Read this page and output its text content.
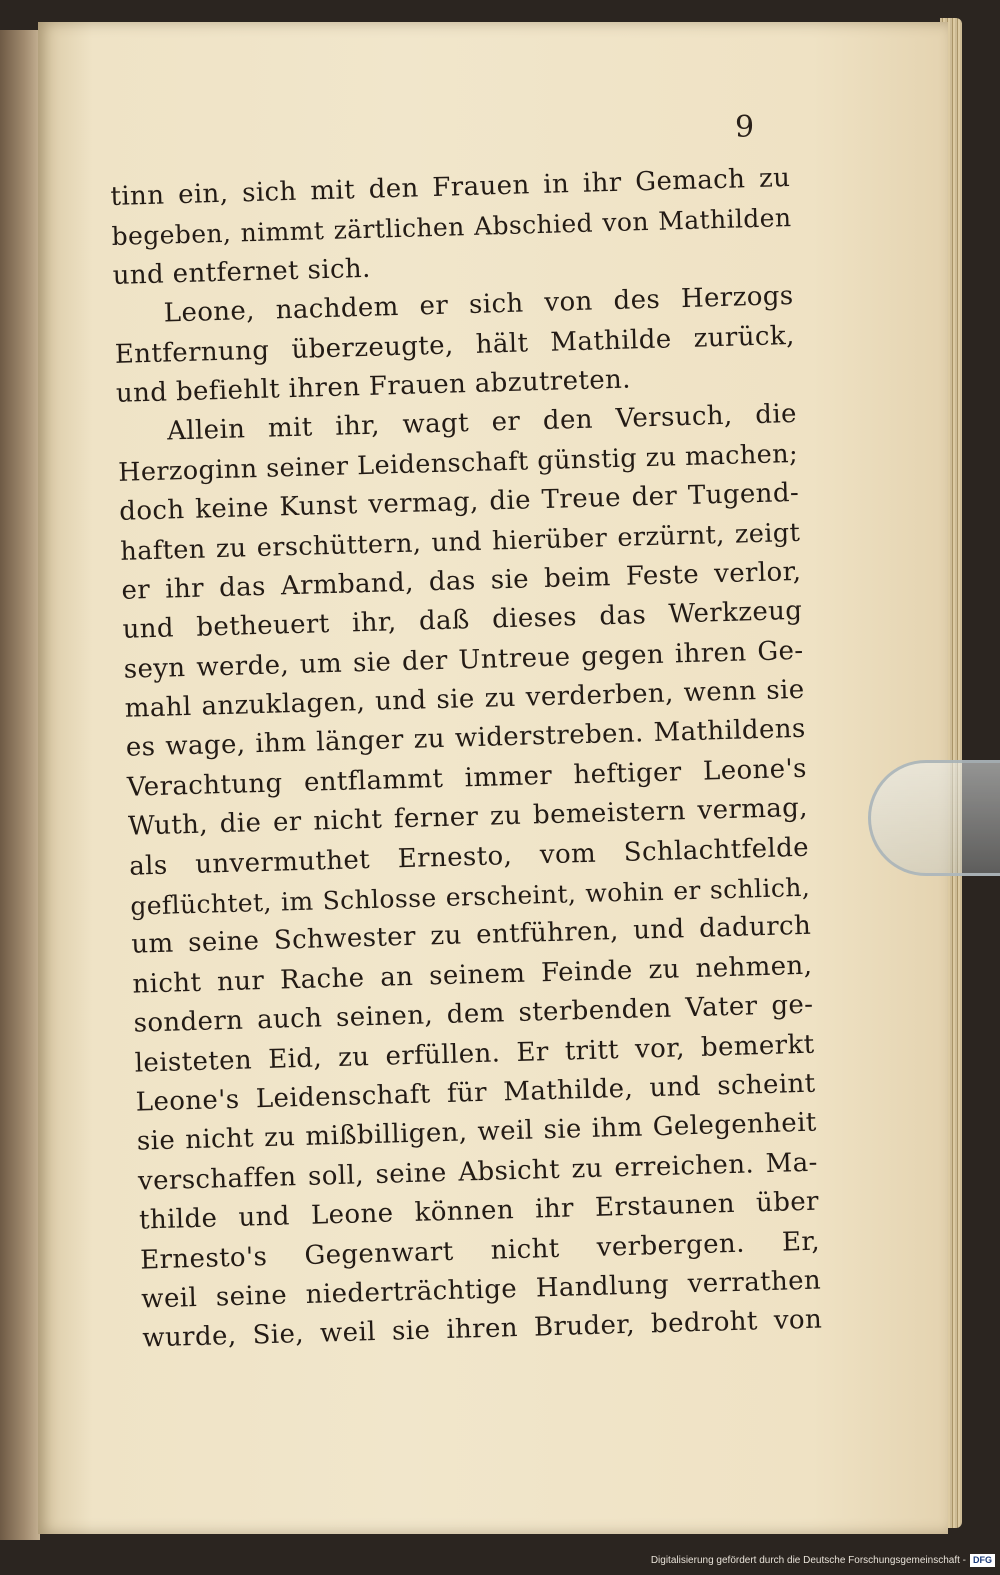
9
tinn ein, sich mit den Frauen in ihr Gemach zu
begeben, nimmt zärtlichen Abschied von Mathilden
und entfernet sich.
Leone, nachdem er sich von des Herzogs
Entfernung überzeugte, hält Mathilde zurück,
und befiehlt ihren Frauen abzutreten.
Allein mit ihr, wagt er den Versuch, die
Herzoginn seiner Leidenschaft günstig zu machen;
doch keine Kunst vermag, die Treue der Tugend-
haften zu erschüttern, und hierüber erzürnt, zeigt
er ihr das Armband, das sie beim Feste verlor,
und betheuert ihr, daß dieses das Werkzeug
seyn werde, um sie der Untreue gegen ihren Ge-
mahl anzuklagen, und sie zu verderben, wenn sie
es wage, ihm länger zu widerstreben. Mathildens
Verachtung entflammt immer heftiger Leone's
Wuth, die er nicht ferner zu bemeistern vermag,
als unvermuthet Ernesto, vom Schlachtfelde
geflüchtet, im Schlosse erscheint, wohin er schlich,
um seine Schwester zu entführen, und dadurch
nicht nur Rache an seinem Feinde zu nehmen,
sondern auch seinen, dem sterbenden Vater ge-
leisteten Eid, zu erfüllen. Er tritt vor, bemerkt
Leone's Leidenschaft für Mathilde, und scheint
sie nicht zu mißbilligen, weil sie ihm Gelegenheit
verschaffen soll, seine Absicht zu erreichen. Ma-
thilde und Leone können ihr Erstaunen über
Ernesto's Gegenwart nicht verbergen. Er,
weil seine niederträchtige Handlung verrathen
wurde, Sie, weil sie ihren Bruder, bedroht von
Digitalisierung gefördert durch die Deutsche Forschungsgemeinschaft - DFG
